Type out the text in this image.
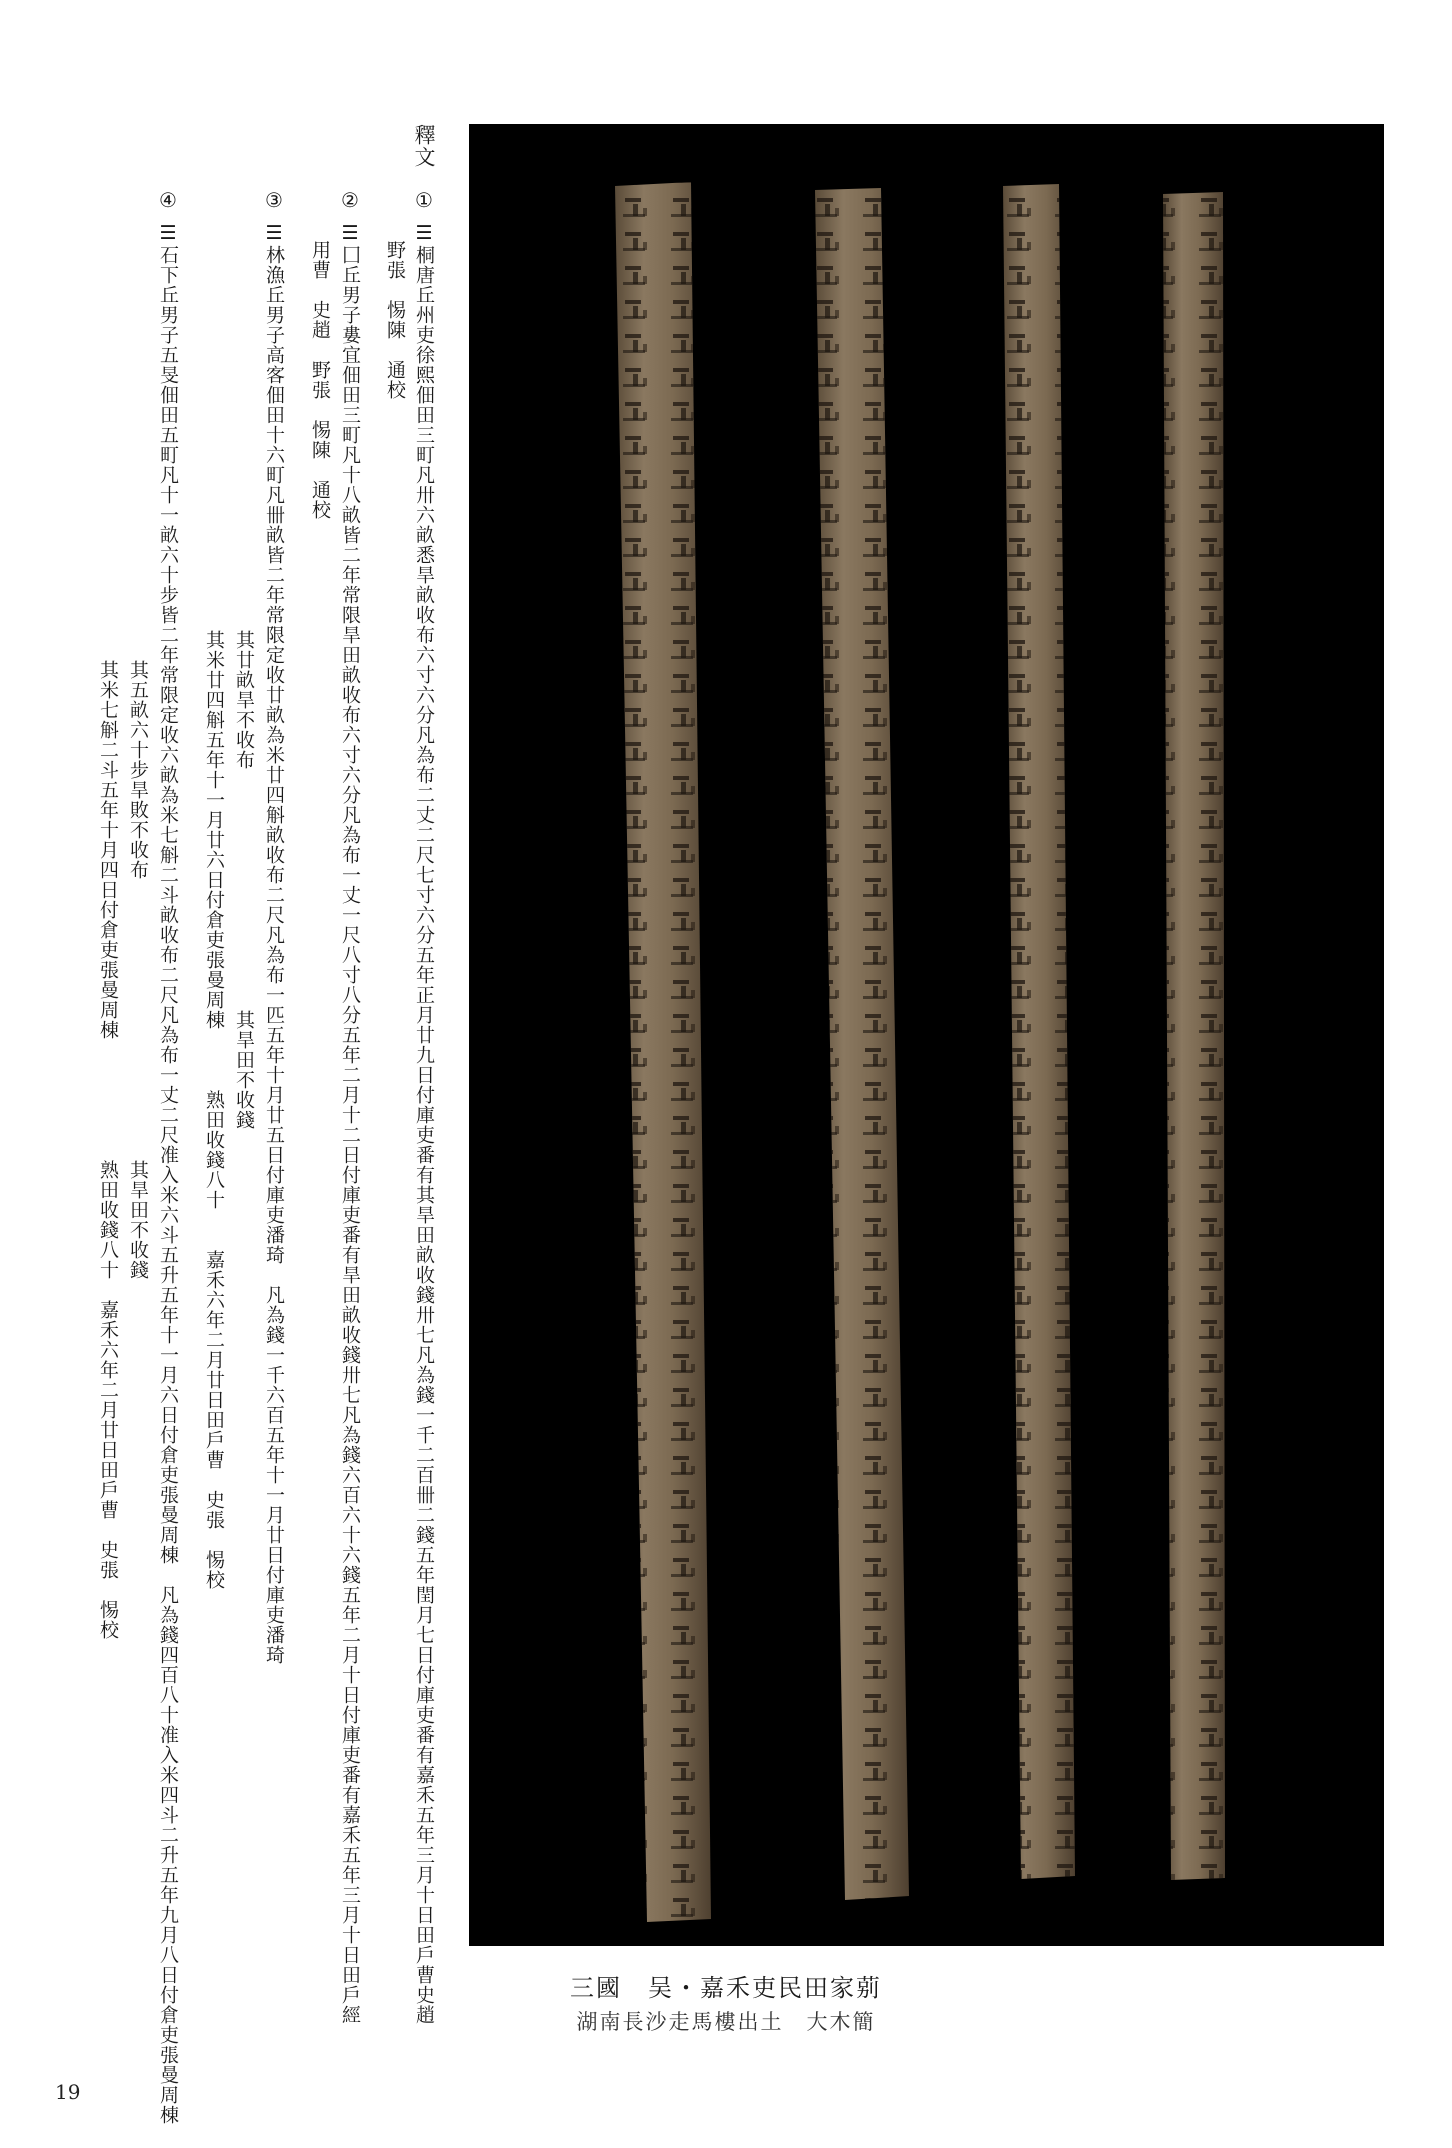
釋文
①
☰桐唐丘州吏徐熙佃田三町凡卅六畝悉旱畝收布六寸六分凡為布二丈二尺七寸六分五年正月廿九日付庫吏番有其旱田畝收錢卅七凡為錢一千二百卌二錢五年閏月七日付庫吏番有嘉禾五年三月十日田戶曹史趙
野張　惕陳　通校
②
☰囗丘男子婁宜佃田三町凡十八畝皆二年常限旱田畝收布六寸六分凡為布一丈一尺八寸八分五年二月十二日付庫吏番有旱田畝收錢卅七凡為錢六百六十六錢五年二月十日付庫吏番有嘉禾五年三月十日田戶經
用曹　史趙　野張　惕陳　通校
③
☰林漁丘男子高客佃田十六町凡卌畝皆二年常限定收廿畝為米廿四斛畝收布二尺凡為布一匹五年十月廿五日付庫吏潘琦　凡為錢一千六百五年十一月廿日付庫吏潘琦
其廿畝旱不收布　　　　　　　　　　　　其旱田不收錢
其米廿四斛五年十一月廿六日付倉吏張曼周棟　　　熟田收錢八十　　嘉禾六年二月廿日田戶曹　史張　惕校
④
☰石下丘男子五旻佃田五町凡十一畝六十步皆二年常限定收六畝為米七斛二斗畝收布二尺凡為布一丈二尺准入米六斗五升五年十一月六日付倉吏張曼周棟　凡為錢四百八十准入米四斗二升五年九月八日付倉吏張曼周棟
其五畝六十步旱敗不收布　　　　　　　　　　　　　　其旱田不收錢
其米七斛二斗五年十月四日付倉吏張曼周棟　　　　　　熟田收錢八十　嘉禾六年二月廿日田戶曹　史張　惕校
三國　吴・嘉禾吏民田家莂
湖南長沙走馬樓出土　大木簡
19
